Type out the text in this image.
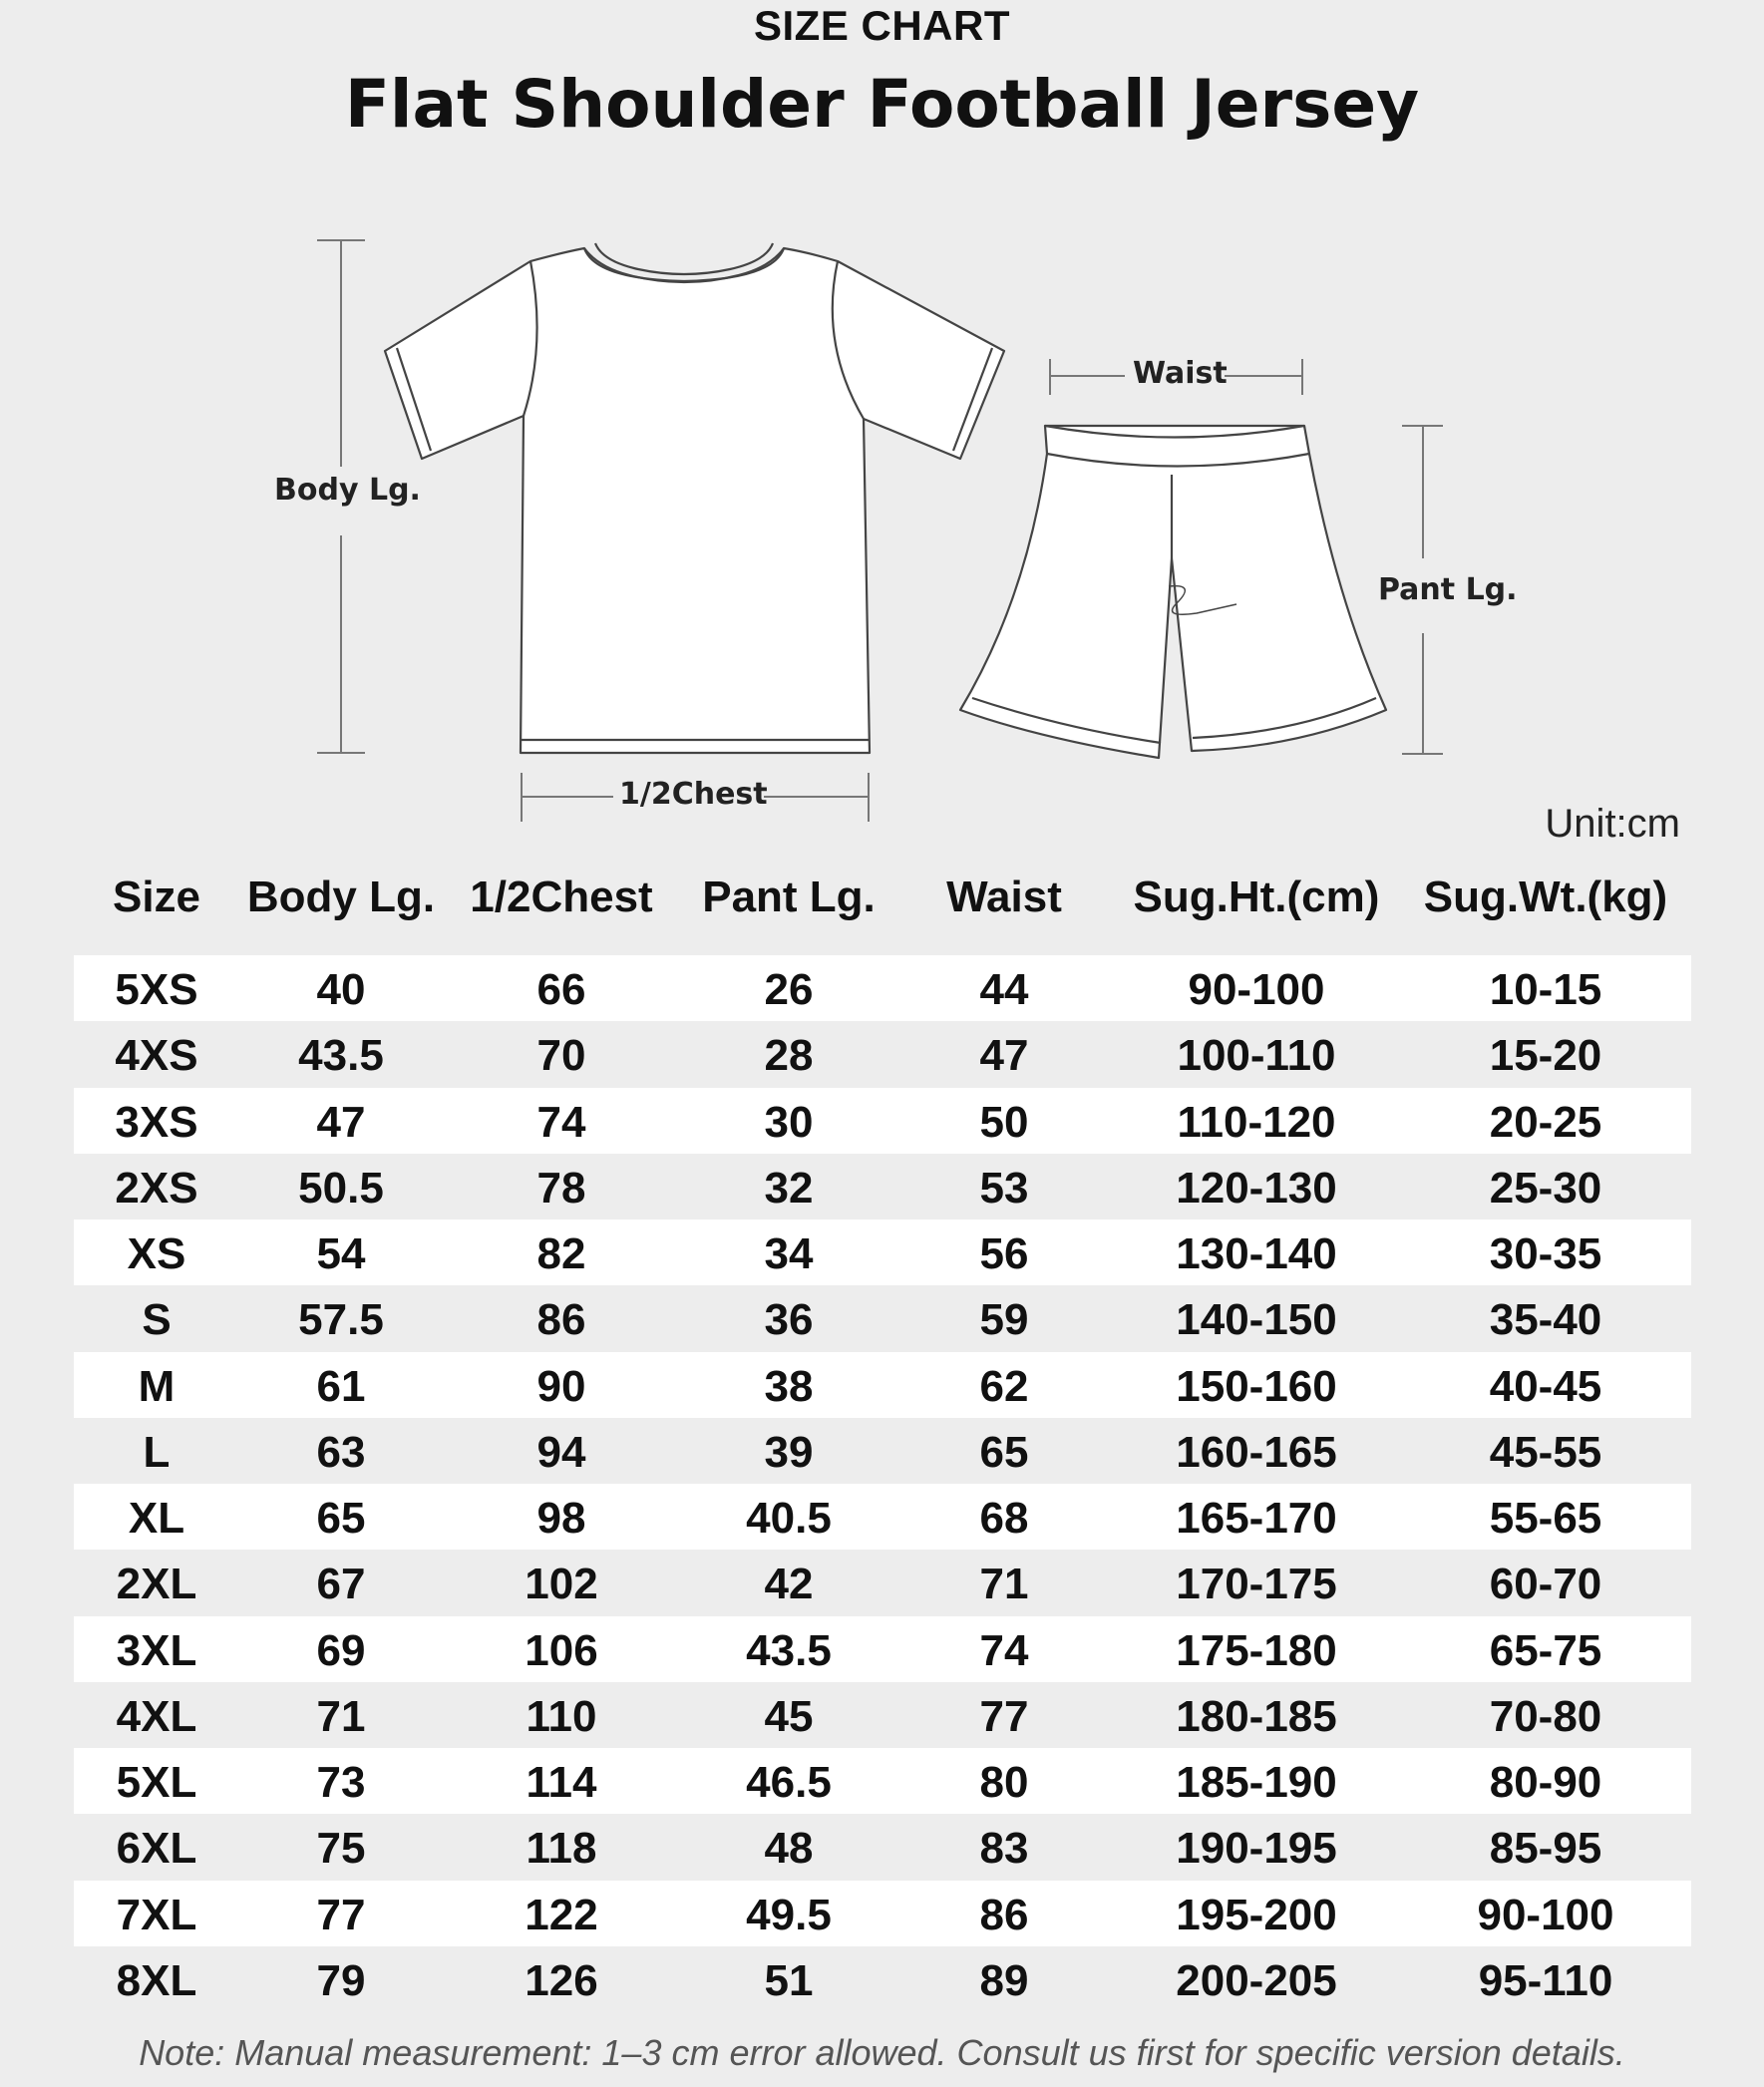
SIZE CHART
Flat Shoulder Football Jersey
Body Lg.
1/2Chest
Waist
Pant Lg.
Unit:cm
Size Body Lg. 1/2Chest Pant Lg. Waist Sug.Ht.(cm) Sug.Wt.(kg)
5XS	40	66	26	44	90-100	10-15
4XS 43.5	70	28	47	100-110	15-20
3XS	47	74	30	50	110-120	20-25
2XS 50.5	78	32	53	120-130	25-30
XS	54	82	34	56	130-140	30-35
S	57.5	86	36	59	140-150	35-40
M	61	90	38	62	150-160	40-45
L	63	94	39	65	160-165	45-55
XL	65	98	40.5	68	165-170	55-65
2XL	67	102	42	71	170-175	60-70
3XL	69	106	43.5	74	175-180	65-75
4XL	71	110	45	77	180-185	70-80
5XL	73	114	46.5	80	185-190	80-90
6XL	75	118	48	83	190-195	85-95
7XL	77	122	49.5	86	195-200	90-100
8XL	79	126	51	89	200-205	95-110
Note: Manual measurement: 1–3 cm error allowed. Consult us first for specific version details.
